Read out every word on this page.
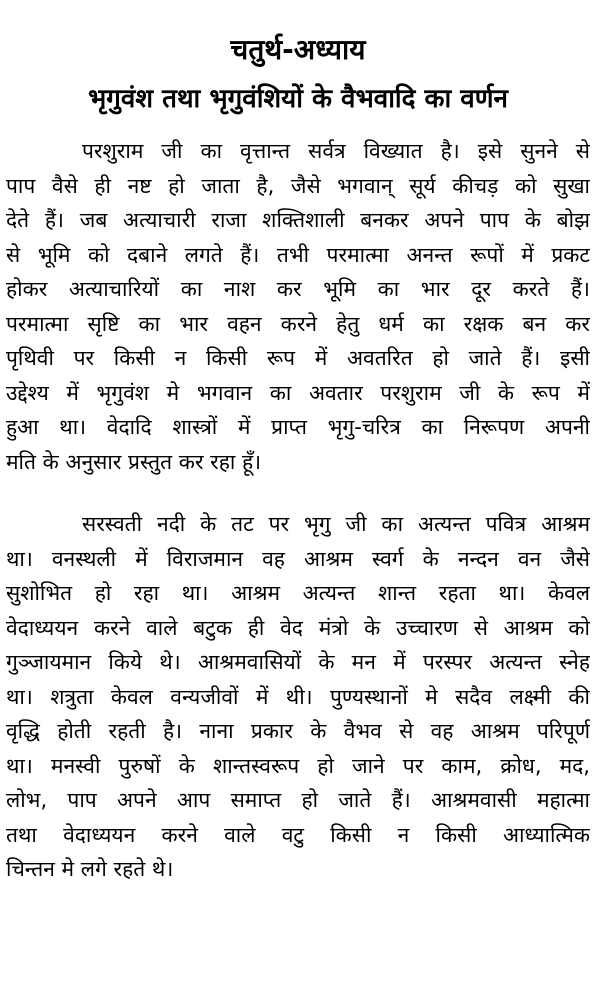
चतुर्थ-अध्याय
भृगुवंश तथा भृगुवंशियों के वैभवादि का वर्णन
परशुराम जी का वृत्तान्त सर्वत्र विख्यात है। इसे सुनने से
पाप वैसे ही नष्ट हो जाता है, जैसे भगवान् सूर्य कीचड़ को सुखा
देते हैं। जब अत्याचारी राजा शक्तिशाली बनकर अपने पाप के बोझ
से भूमि को दबाने लगते हैं। तभी परमात्मा अनन्त रूपों में प्रकट
होकर अत्याचारियों का नाश कर भूमि का भार दूर करते हैं।
परमात्मा सृष्टि का भार वहन करने हेतु धर्म का रक्षक बन कर
पृथिवी पर किसी न किसी रूप में अवतरित हो जाते हैं। इसी
उद्देश्य में भृगुवंश मे भगवान का अवतार परशुराम जी के रूप में
हुआ था। वेदादि शास्त्रों में प्राप्त भृगु-चरित्र का निरूपण अपनी
मति के अनुसार प्रस्तुत कर रहा हूँ।
सरस्वती नदी के तट पर भृगु जी का अत्यन्त पवित्र आश्रम
था। वनस्थली में विराजमान वह आश्रम स्वर्ग के नन्दन वन जैसे
सुशोभित हो रहा था। आश्रम अत्यन्त शान्त रहता था। केवल
वेदाध्ययन करने वाले बटुक ही वेद मंत्रो के उच्चारण से आश्रम को
गुञ्जायमान किये थे। आश्रमवासियों के मन में परस्पर अत्यन्त स्नेह
था। शत्रुता केवल वन्यजीवों में थी। पुण्यस्थानों मे सदैव लक्ष्मी की
वृद्धि होती रहती है। नाना प्रकार के वैभव से वह आश्रम परिपूर्ण
था। मनस्वी पुरुषों के शान्तस्वरूप हो जाने पर काम, क्रोध, मद,
लोभ, पाप अपने आप समाप्त हो जाते हैं। आश्रमवासी महात्मा
तथा वेदाध्ययन करने वाले वटु किसी न किसी आध्यात्मिक
चिन्तन मे लगे रहते थे।
